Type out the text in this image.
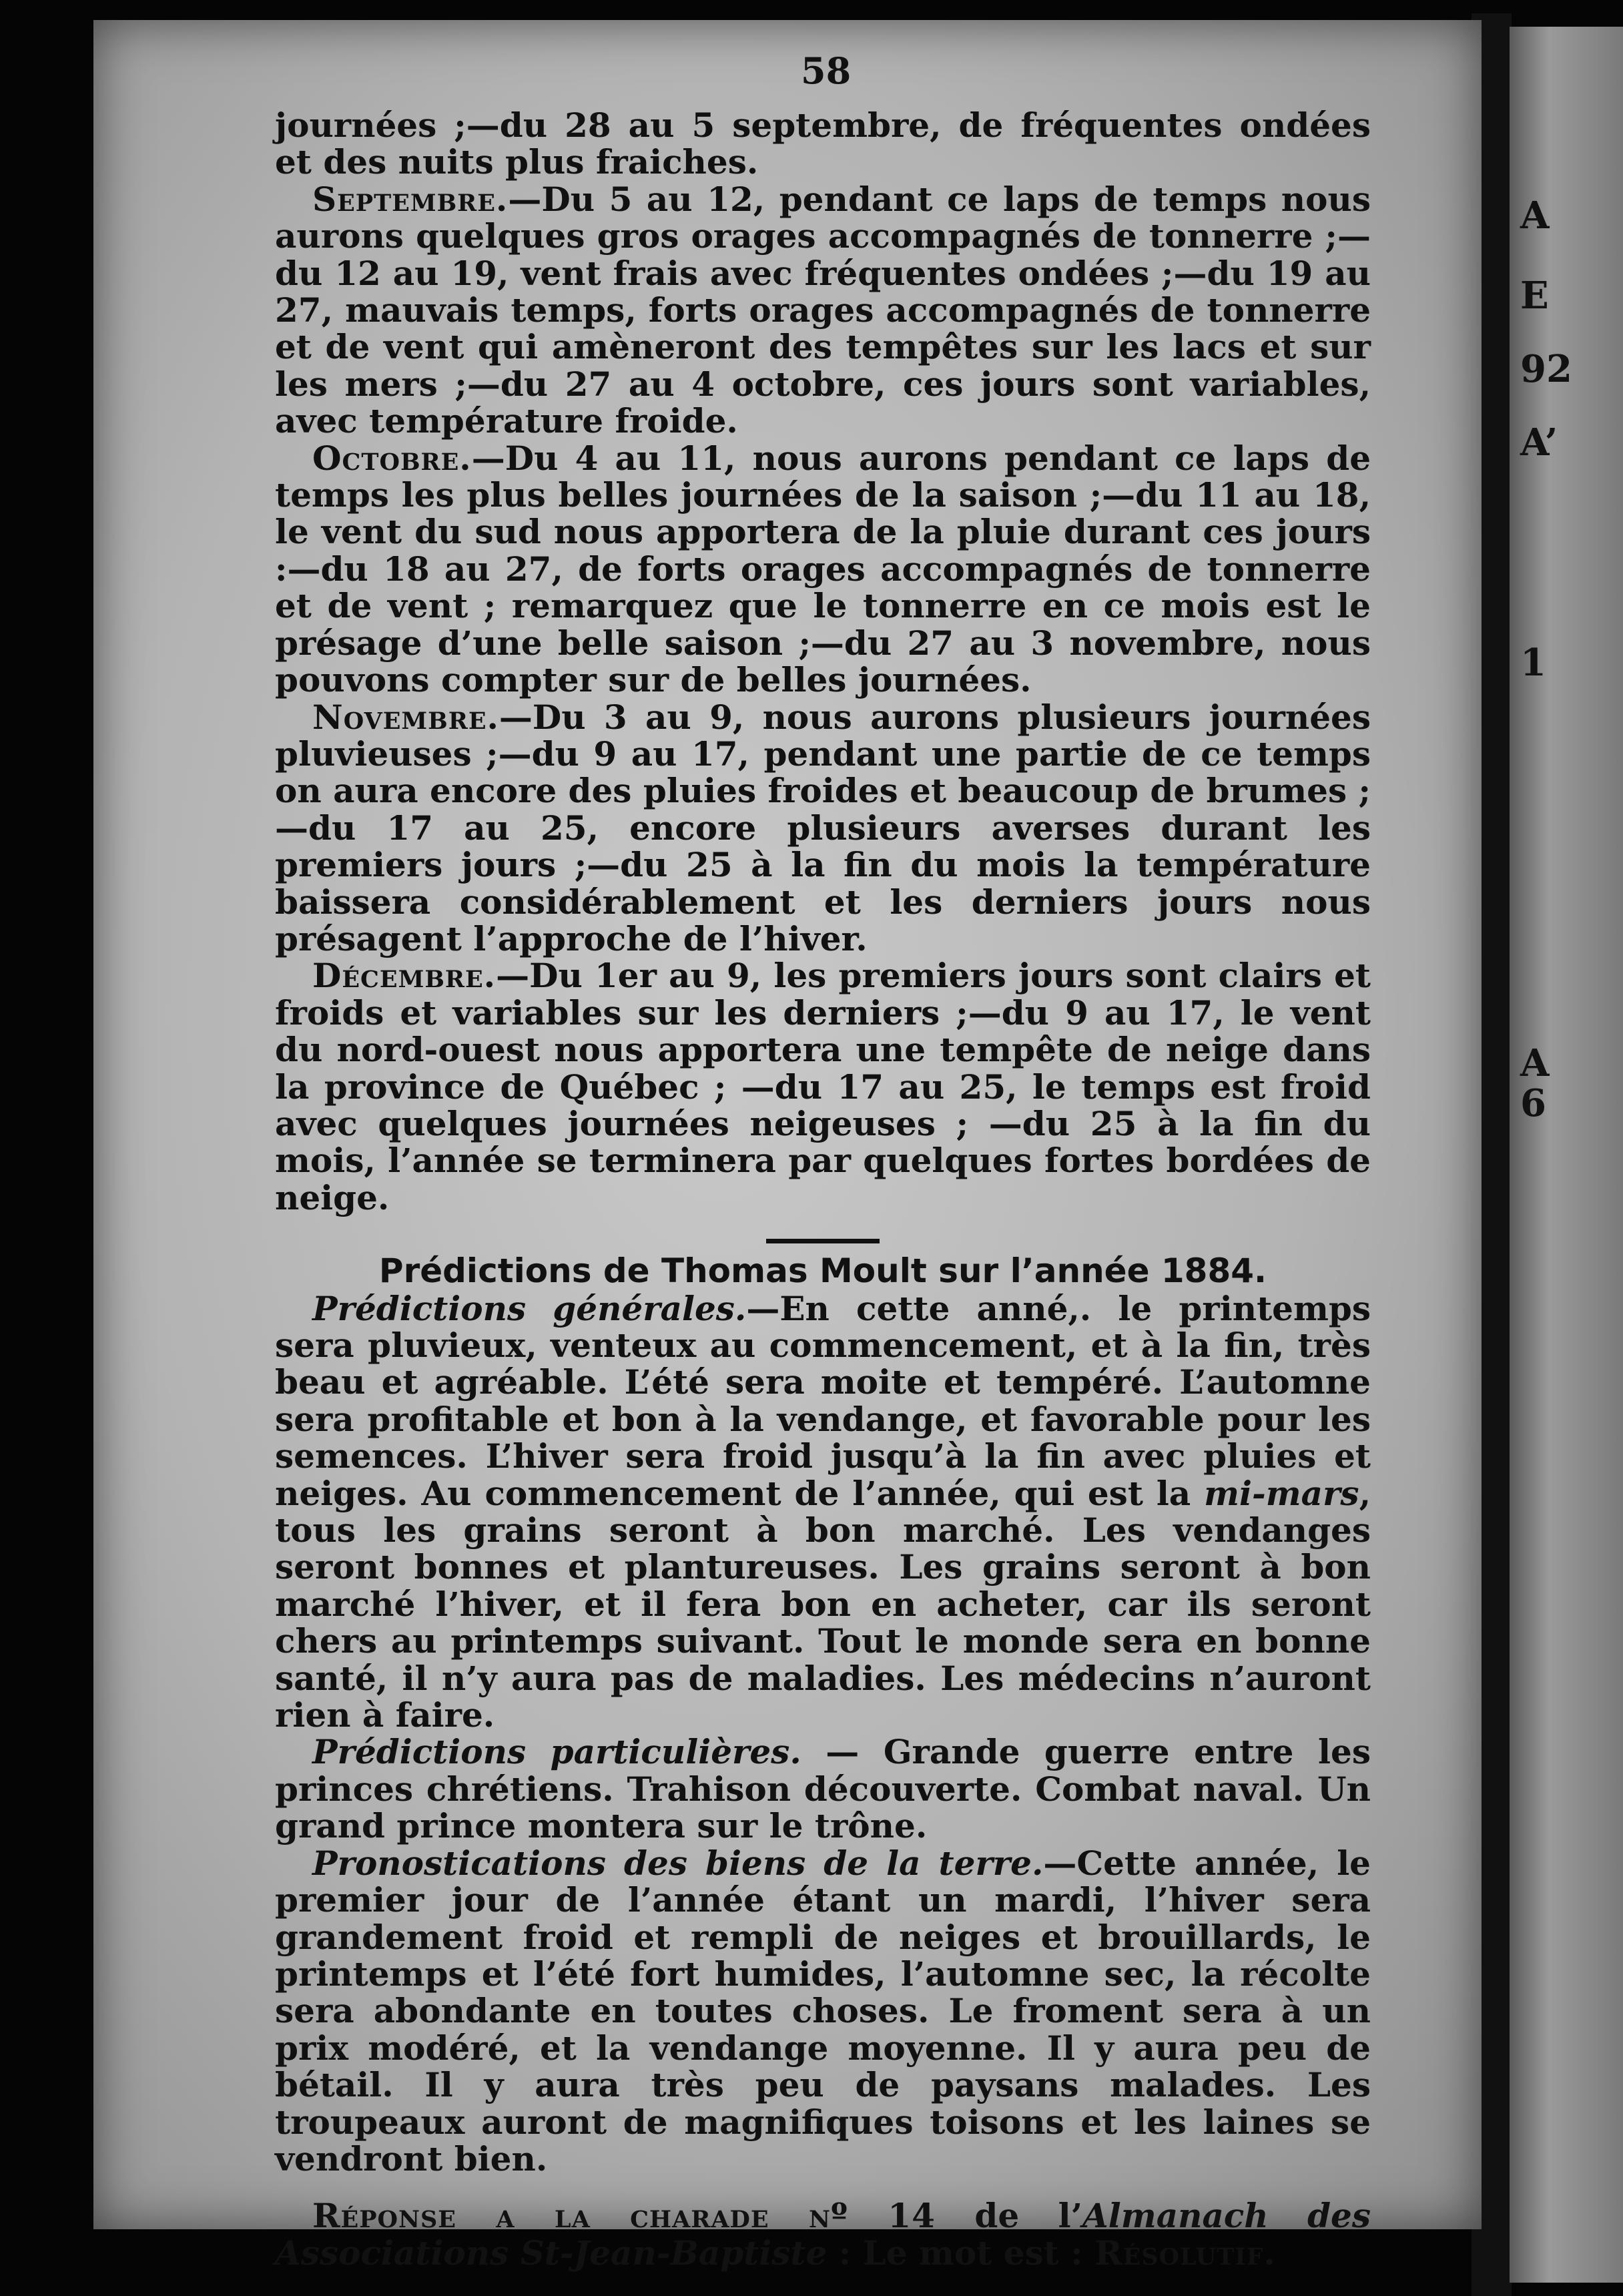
A
E
92
A’
1
A
6
58

journées ;—du 28 au 5 septembre, de fréquentes ondées et des nuits plus fraiches.

Septembre.—Du 5 au 12, pendant ce laps de temps nous aurons quelques gros orages accompagnés de tonnerre ;—du 12 au 19, vent frais avec fréquentes ondées ;—du 19 au 27, mauvais temps, forts orages accompagnés de tonnerre et de vent qui amèneront des tempêtes sur les lacs et sur les mers ;—du 27 au 4 octobre, ces jours sont variables, avec température froide.

Octobre.—Du 4 au 11, nous aurons pendant ce laps de temps les plus belles journées de la saison ;—du 11 au 18, le vent du sud nous apportera de la pluie durant ces jours :—du 18 au 27, de forts orages accompagnés de tonnerre et de vent ; remarquez que le tonnerre en ce mois est le présage d’une belle saison ;—du 27 au 3 novembre, nous pouvons compter sur de belles journées.

Novembre.—Du 3 au 9, nous aurons plusieurs journées pluvieuses ;—du 9 au 17, pendant une partie de ce temps on aura encore des pluies froides et beaucoup de brumes ;—du 17 au 25, encore plusieurs averses durant les premiers jours ;—du 25 à la fin du mois la température baissera considérablement et les derniers jours nous présagent l’approche de l’hiver.

Décembre.—Du 1er au 9, les premiers jours sont clairs et froids et variables sur les derniers ;—du 9 au 17, le vent du nord-ouest nous apportera une tempête de neige dans la province de Québec ; —du 17 au 25, le temps est froid avec quelques journées neigeuses ; —du 25 à la fin du mois, l’année se terminera par quelques fortes bordées de neige.

Prédictions de Thomas Moult sur l’année 1884.

Prédictions générales.—En cette anné,. le printemps sera pluvieux, venteux au commencement, et à la fin, très beau et agréable. L’été sera moite et tempéré. L’automne sera profitable et bon à la vendange, et favorable pour les semences. L’hiver sera froid jusqu’à la fin avec pluies et neiges. Au commencement de l’année, qui est la mi-mars, tous les grains seront à bon marché. Les vendanges seront bonnes et plantureuses. Les grains seront à bon marché l’hiver, et il fera bon en acheter, car ils seront chers au printemps suivant. Tout le monde sera en bonne santé, il n’y aura pas de maladies. Les médecins n’auront rien à faire.

Prédictions particulières. — Grande guerre entre les princes chrétiens. Trahison découverte. Combat naval. Un grand prince montera sur le trône.

Pronostications des biens de la terre.—Cette année, le premier jour de l’année étant un mardi, l’hiver sera grandement froid et rempli de neiges et brouillards, le printemps et l’été fort humides, l’automne sec, la récolte sera abondante en toutes choses. Le froment sera à un prix modéré, et la vendange moyenne. Il y aura peu de bétail. Il y aura très peu de paysans malades. Les troupeaux auront de magnifiques toisons et les laines se vendront bien.

Réponse a la charade nº 14 de l’Almanach des Associations St-Jean-Baptiste : Le mot est : Résolutif.
